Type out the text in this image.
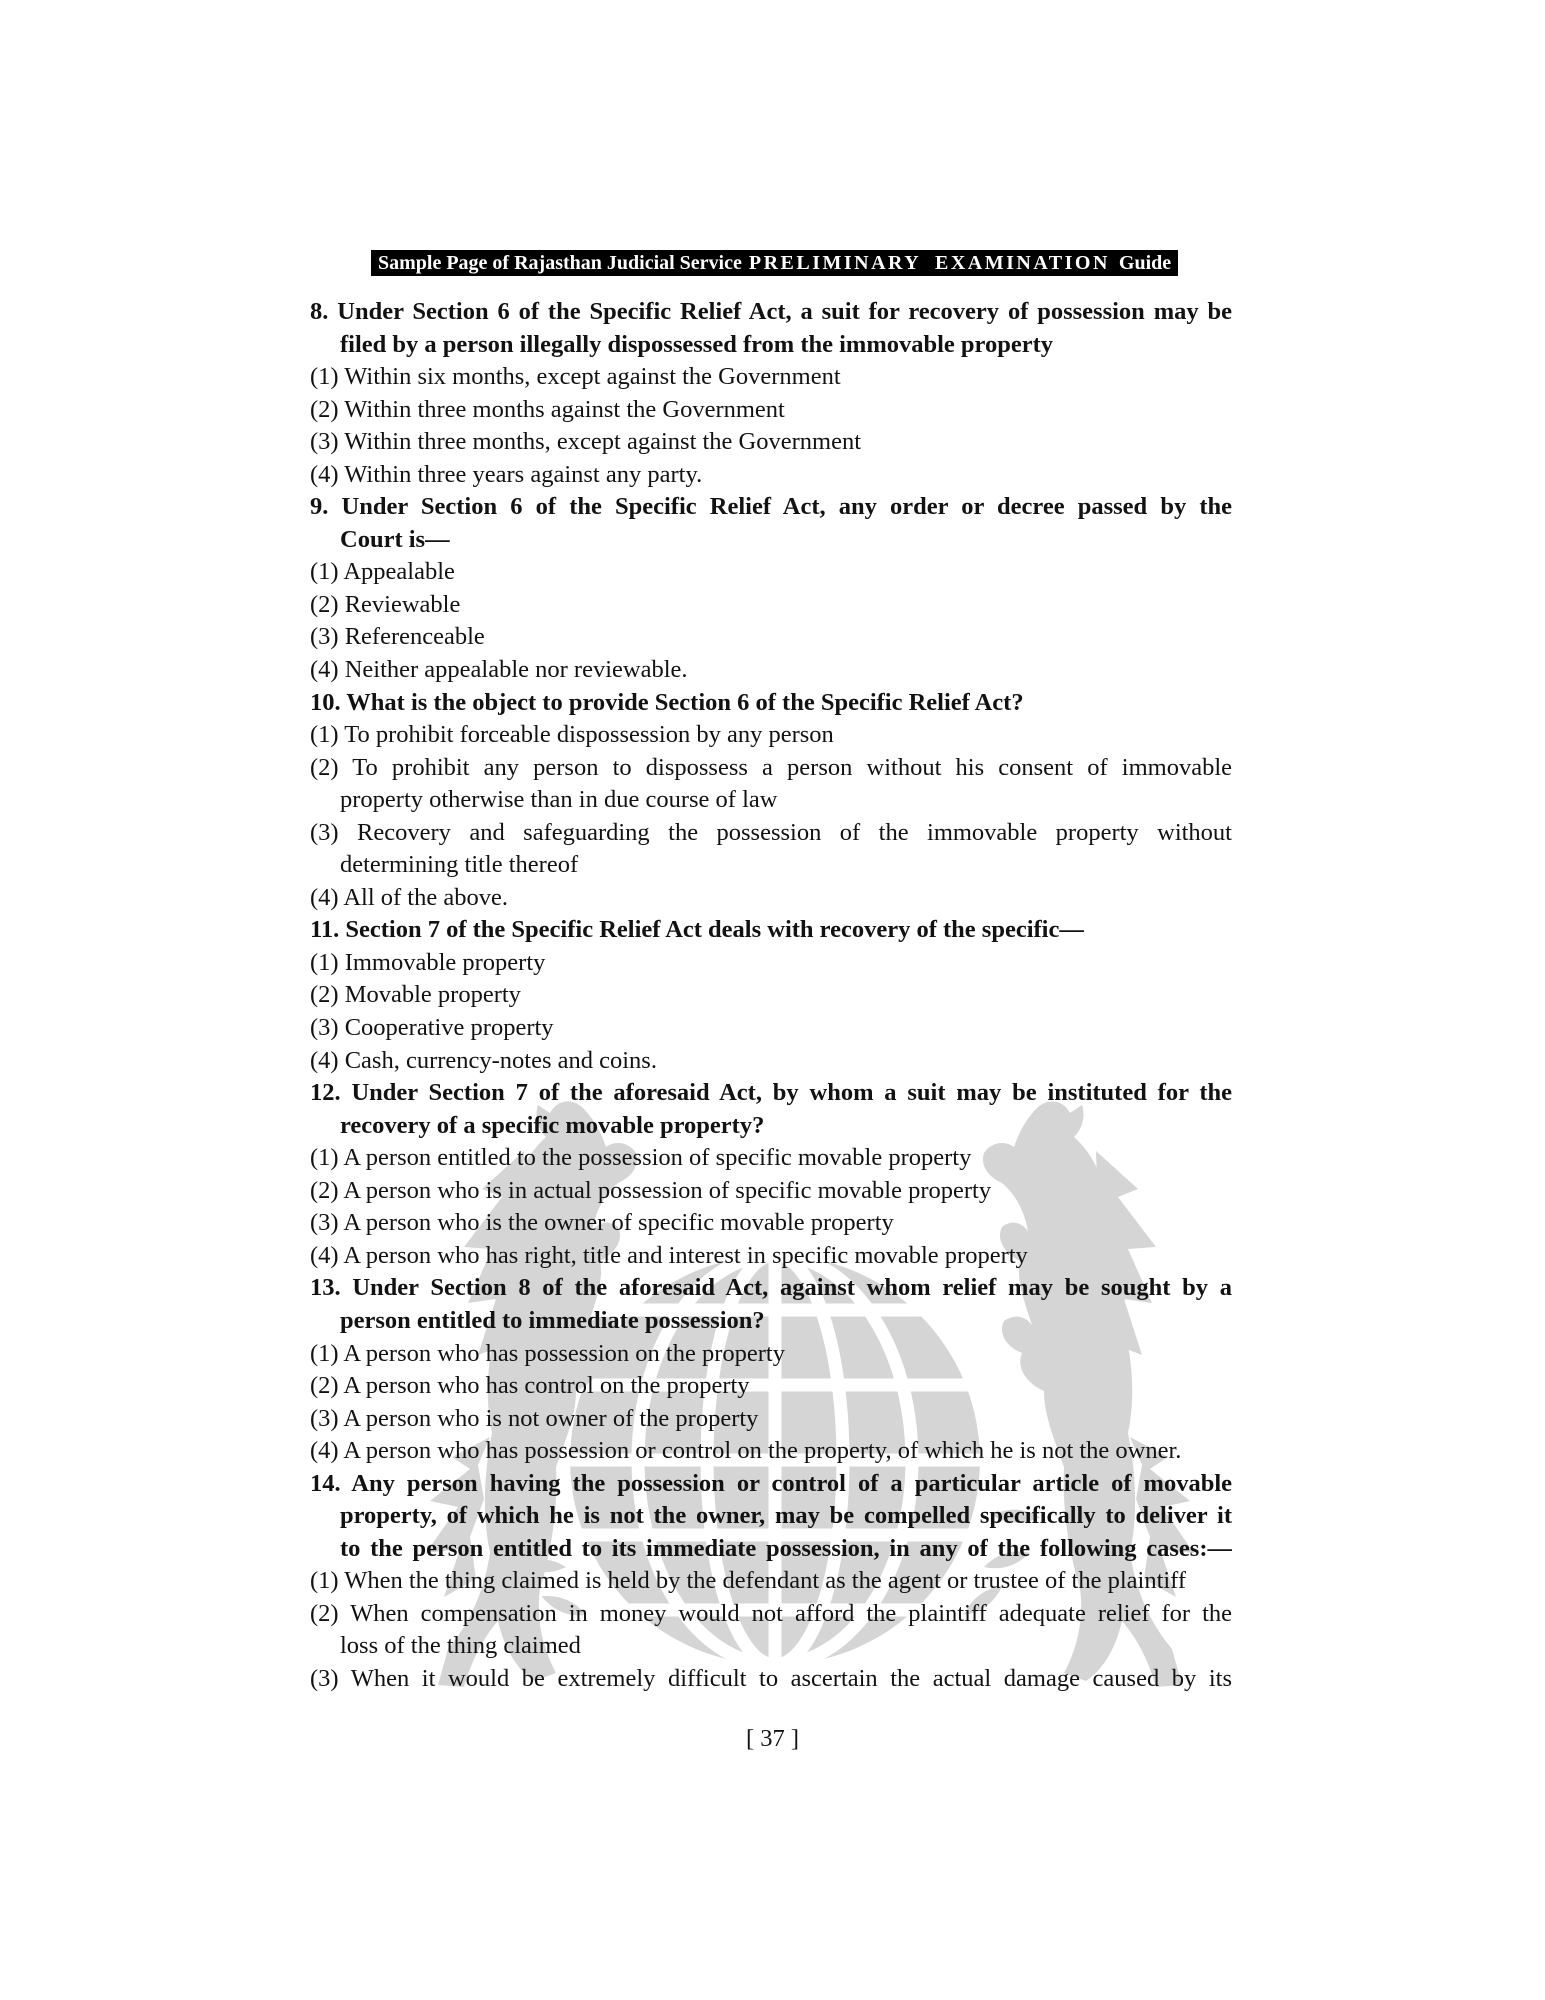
Sample Page of Rajasthan Judicial Service PRELIMINARY EXAMINATION Guide
8. Under Section 6 of the Specific Relief Act, a suit for recovery of possession may be
filed by a person illegally dispossessed from the immovable property
(1) Within six months, except against the Government
(2) Within three months against the Government
(3) Within three months, except against the Government
(4) Within three years against any party.
9. Under Section 6 of the Specific Relief Act, any order or decree passed by the
Court is—
(1) Appealable
(2) Reviewable
(3) Referenceable
(4) Neither appealable nor reviewable.
10. What is the object to provide Section 6 of the Specific Relief Act?
(1) To prohibit forceable dispossession by any person
(2) To prohibit any person to dispossess a person without his consent of immovable
property otherwise than in due course of law
(3) Recovery and safeguarding the possession of the immovable property without
determining title thereof
(4) All of the above.
11. Section 7 of the Specific Relief Act deals with recovery of the specific—
(1) Immovable property
(2) Movable property
(3) Cooperative property
(4) Cash, currency-notes and coins.
12. Under Section 7 of the aforesaid Act, by whom a suit may be instituted for the
recovery of a specific movable property?
(1) A person entitled to the possession of specific movable property
(2) A person who is in actual possession of specific movable property
(3) A person who is the owner of specific movable property
(4) A person who has right, title and interest in specific movable property
13. Under Section 8 of the aforesaid Act, against whom relief may be sought by a
person entitled to immediate possession?
(1) A person who has possession on the property
(2) A person who has control on the property
(3) A person who is not owner of the property
(4) A person who has possession or control on the property, of which he is not the owner.
14. Any person having the possession or control of a particular article of movable
property, of which he is not the owner, may be compelled specifically to deliver it
to the person entitled to its immediate possession, in any of the following cases:—
(1) When the thing claimed is held by the defendant as the agent or trustee of the plaintiff
(2) When compensation in money would not afford the plaintiff adequate relief for the
loss of the thing claimed
(3) When it would be extremely difficult to ascertain the actual damage caused by its
[ 37 ]
